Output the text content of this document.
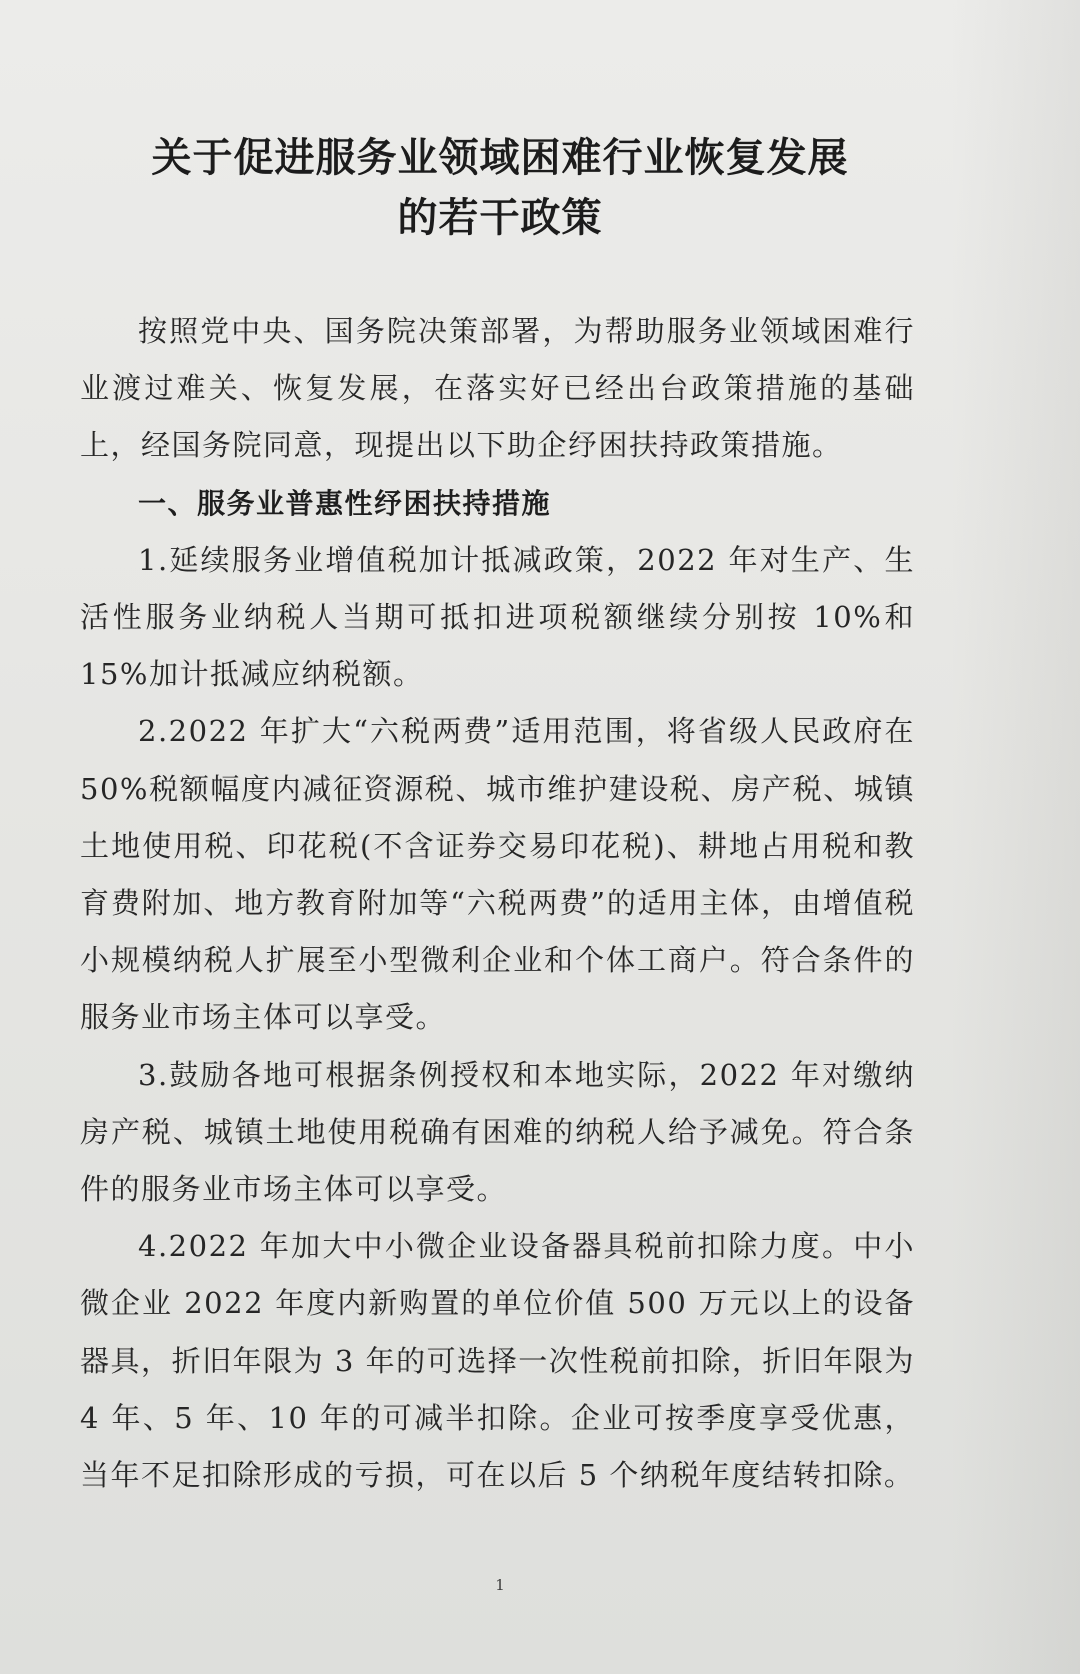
关于促进服务业领域困难行业恢复发展
的若干政策

按照党中央、国务院决策部署，为帮助服务业领域困难行业渡过难关、恢复发展，在落实好已经出台政策措施的基础上，经国务院同意，现提出以下助企纾困扶持政策措施。

一、服务业普惠性纾困扶持措施

1.延续服务业增值税加计抵减政策，2022 年对生产、生活性服务业纳税人当期可抵扣进项税额继续分别按 10%和 15%加计抵减应纳税额。

2.2022 年扩大“六税两费”适用范围，将省级人民政府在 50%税额幅度内减征资源税、城市维护建设税、房产税、城镇土地使用税、印花税(不含证券交易印花税)、耕地占用税和教育费附加、地方教育附加等“六税两费”的适用主体，由增值税小规模纳税人扩展至小型微利企业和个体工商户。符合条件的服务业市场主体可以享受。

3.鼓励各地可根据条例授权和本地实际，2022 年对缴纳房产税、城镇土地使用税确有困难的纳税人给予减免。符合条件的服务业市场主体可以享受。

4.2022 年加大中小微企业设备器具税前扣除力度。中小微企业 2022 年度内新购置的单位价值 500 万元以上的设备器具，折旧年限为 3 年的可选择一次性税前扣除，折旧年限为 4 年、5 年、10 年的可减半扣除。企业可按季度享受优惠，当年不足扣除形成的亏损，可在以后 5 个纳税年度结转扣除。

1
